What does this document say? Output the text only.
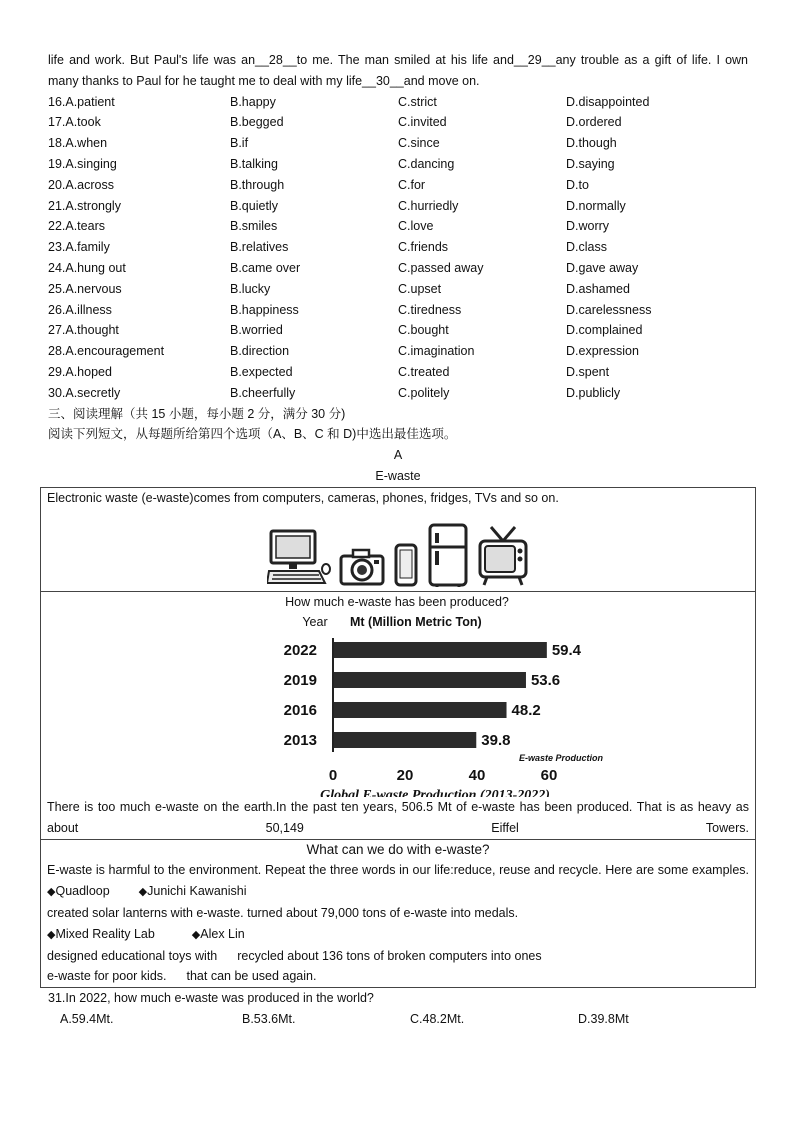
life and work. But Paul's life was an__28__to me. The man smiled at his life and__29__any trouble as a gift of life. I own
many thanks to Paul for he taught me to deal with my life__30__and move on.
16.A.patient	B.happy	C.strict	D.disappointed
17.A.took	B.begged	C.invited	D.ordered
18.A.when	B.if	C.since	D.though
19.A.singing	B.talking	C.dancing	D.saying
20.A.across	B.through	C.for	D.to
21.A.strongly	B.quietly	C.hurriedly	D.normally
22.A.tears	B.smiles	C.love	D.worry
23.A.family	B.relatives	C.friends	D.class
24.A.hung out	B.came over	C.passed away	D.gave away
25.A.nervous	B.lucky	C.upset	D.ashamed
26.A.illness	B.happiness	C.tiredness	D.carelessness
27.A.thought	B.worried	C.bought	D.complained
28.A.encouragement	B.direction	C.imagination	D.expression
29.A.hoped	B.expected	C.treated	D.spent
30.A.secretly	B.cheerfully	C.politely	D.publicly
三、阅读理解（共 15 小题，每小题 2 分，满分 30 分)
阅读下列短文，从每题所给第四个选项（A、B、C 和 D)中选出最佳选项。
A
E-waste
Electronic waste (e-waste)comes from computers, cameras, phones, fridges, TVs and so on.
How much e-waste has been produced?
Year Mt (Million Metric Ton)
2022	59.4
2019	53.6
2016	48.2
2013	39.8
E-waste Production
0	20	40	60
Global E-waste Production (2013-2022)
There is too much e-waste on the earth.In the past ten years, 506.5 Mt of e-waste has been produced. That is as heavy as about 50,149 Eiffel Towers.
What can we do with e-waste?
E-waste is harmful to the environment. Repeat the three words in our life:reduce, reuse and recycle. Here are some examples.
◆Quadloop	◆Junichi Kawanishi
created solar lanterns with e-waste. turned about 79,000 tons of e-waste into medals.
◆Mixed Reality Lab	◆Alex Lin
designed educational toys with recycled about 136 tons of broken computers into ones
e-waste for poor kids. that can be used again.
31.In 2022, how much e-waste was produced in the world?
A.59.4Mt.	B.53.6Mt.	C.48.2Mt.	D.39.8Mt
